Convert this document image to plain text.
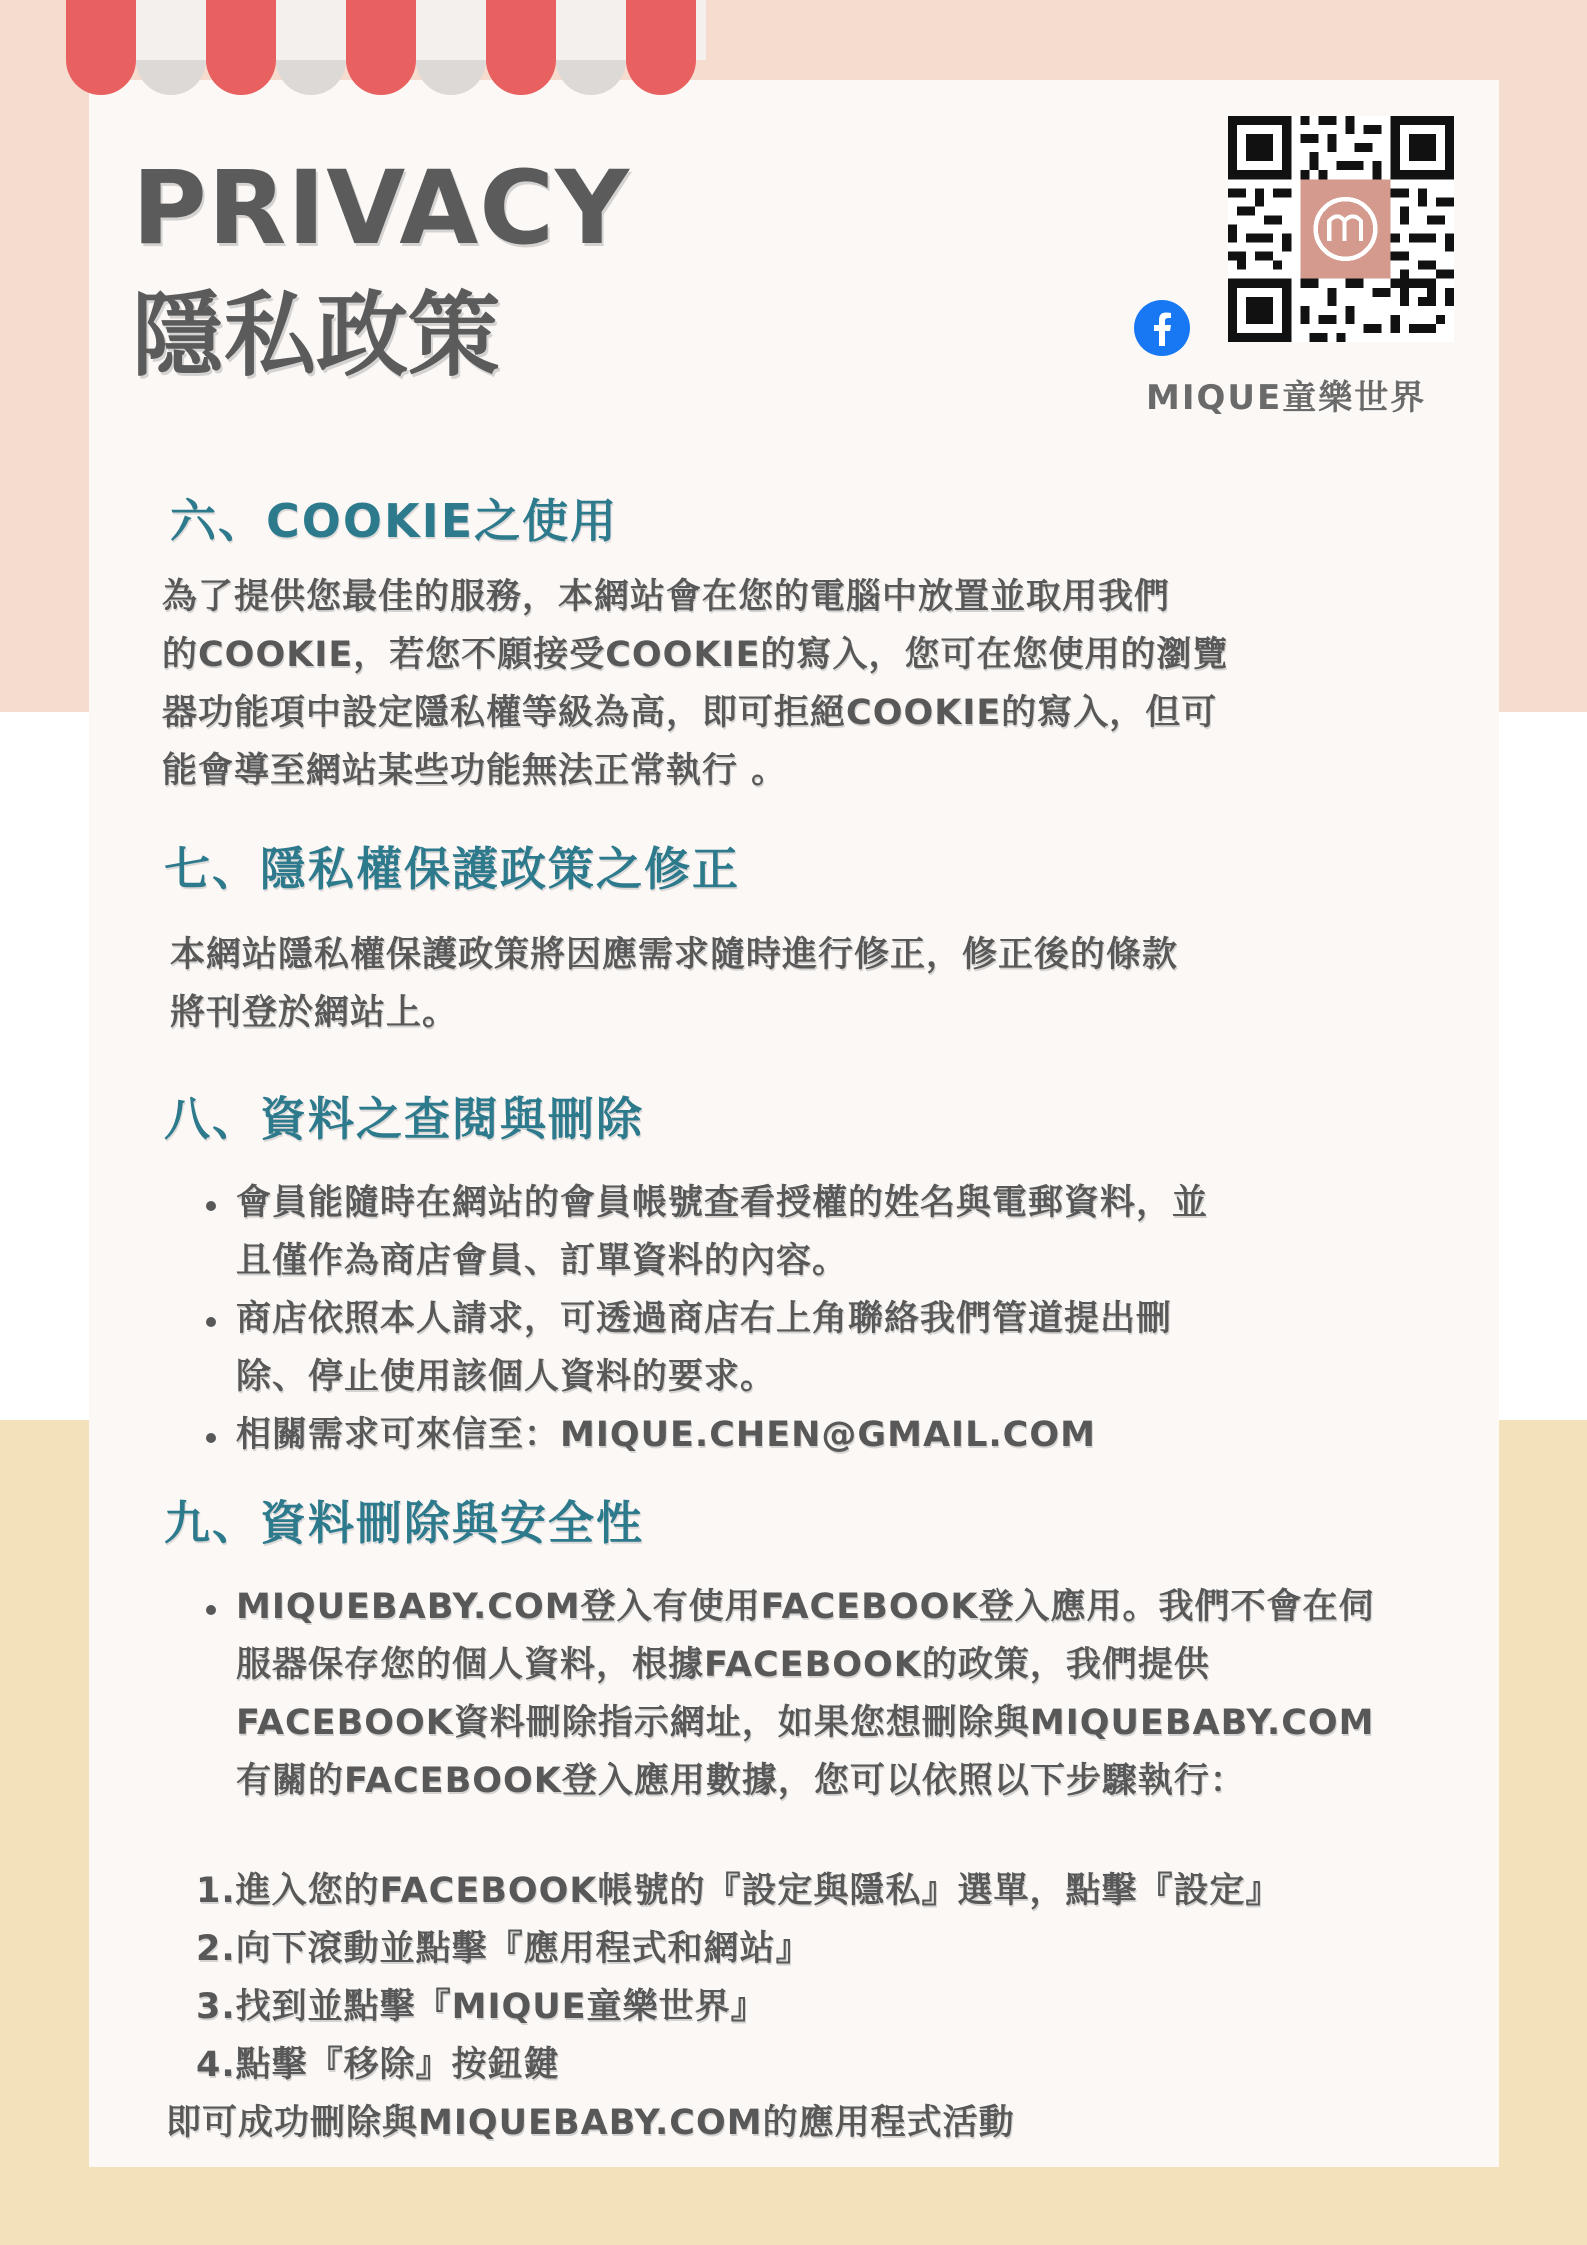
PRIVACY
隱私政策
MIQUE童樂世界
六、COOKIE之使用
為了提供您最佳的服務，本網站會在您的電腦中放置並取用我們
的COOKIE，若您不願接受COOKIE的寫入，您可在您使用的瀏覽
器功能項中設定隱私權等級為高，即可拒絕COOKIE的寫入，但可
能會導至網站某些功能無法正常執行 。
七、隱私權保護政策之修正
本網站隱私權保護政策將因應需求隨時進行修正，修正後的條款
將刊登於網站上。
八、資料之查閱與刪除
會員能隨時在網站的會員帳號查看授權的姓名與電郵資料，並
且僅作為商店會員、訂單資料的內容。
商店依照本人請求，可透過商店右上角聯絡我們管道提出刪
除、停止使用該個人資料的要求。
相關需求可來信至：MIQUE.CHEN@GMAIL.COM
九、資料刪除與安全性
MIQUEBABY.COM登入有使用FACEBOOK登入應用。我們不會在伺
服器保存您的個人資料，根據FACEBOOK的政策，我們提供
FACEBOOK資料刪除指示網址，如果您想刪除與MIQUEBABY.COM
有關的FACEBOOK登入應用數據，您可以依照以下步驟執行：
1.進入您的FACEBOOK帳號的『設定與隱私』選單，點擊『設定』
2.向下滾動並點擊『應用程式和網站』
3.找到並點擊『MIQUE童樂世界』
4.點擊『移除』按鈕鍵
即可成功刪除與MIQUEBABY.COM的應用程式活動
